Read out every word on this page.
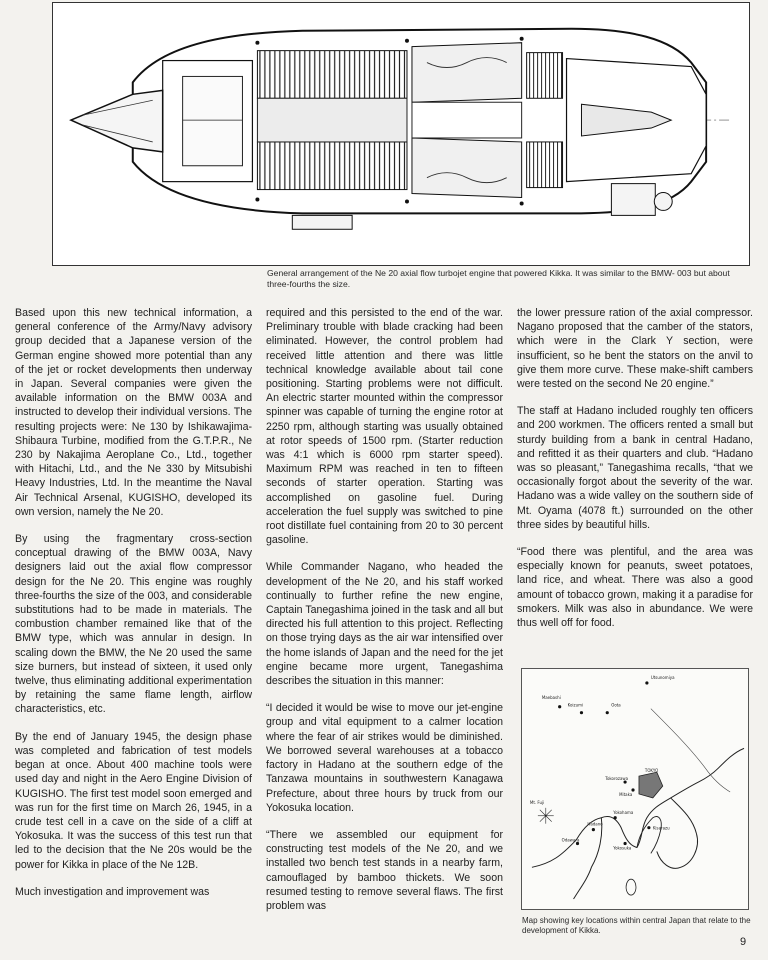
General arrangement of the Ne 20 axial flow turbojet engine that powered Kikka. It was similar to the BMW- 003 but about three-fourths the size.

Based upon this new technical information, a general conference of the Army/Navy advisory group decided that a Japanese version of the German engine showed more potential than any of the jet or rocket developments then underway in Japan. Several companies were given the available information on the BMW 003A and instructed to develop their individual versions. The resulting projects were: Ne 130 by Ishikawajima-Shibaura Turbine, modified from the G.T.P.R., Ne 230 by Nakajima Aeroplane Co., Ltd., together with Hitachi, Ltd., and the Ne 330 by Mitsubishi Heavy Industries, Ltd. In the meantime the Naval Air Technical Arsenal, KUGISHO, developed its own version, namely the Ne 20.

By using the fragmentary cross-section conceptual drawing of the BMW 003A, Navy designers laid out the axial flow compressor design for the Ne 20. This engine was roughly three-fourths the size of the 003, and considerable substitutions had to be made in materials. The combustion chamber remained like that of the BMW type, which was annular in design. In scaling down the BMW, the Ne 20 used the same size burners, but instead of sixteen, it used only twelve, thus eliminating additional experimentation by retaining the same flame length, airflow characteristics, etc.

By the end of January 1945, the design phase was completed and fabrication of test models began at once. About 400 machine tools were used day and night in the Aero Engine Division of KUGISHO. The first test model soon emerged and was run for the first time on March 26, 1945, in a crude test cell in a cave on the side of a cliff at Yokosuka. It was the success of this test run that led to the decision that the Ne 20s would be the power for Kikka in place of the Ne 12B.

Much investigation and improvement was

required and this persisted to the end of the war. Preliminary trouble with blade cracking had been eliminated. However, the control problem had received little attention and there was little technical knowledge available about tail cone positioning. Starting problems were not difficult. An electric starter mounted within the compressor spinner was capable of turning the engine rotor at 2250 rpm, although starting was usually obtained at rotor speeds of 1500 rpm. (Starter reduction was 4:1 which is 6000 rpm starter speed). Maximum RPM was reached in ten to fifteen seconds of starter operation. Starting was accomplished on gasoline fuel. During acceleration the fuel supply was switched to pine root distillate fuel containing from 20 to 30 percent gasoline.

While Commander Nagano, who headed the development of the Ne 20, and his staff worked continually to further refine the new engine, Captain Tanegashima joined in the task and all but directed his full attention to this project. Reflecting on those trying days as the air war intensified over the home islands of Japan and the need for the jet engine became more urgent, Tanegashima describes the situation in this manner:

“I decided it would be wise to move our jet-engine group and vital equipment to a calmer location where the fear of air strikes would be diminished. We borrowed several warehouses at a tobacco factory in Hadano at the southern edge of the Tanzawa mountains in southwestern Kanagawa Prefecture, about three hours by truck from our Yokosuka location.

“There we assembled our equipment for constructing test models of the Ne 20, and we installed two bench test stands in a nearby farm, camouflaged by bamboo thickets. We soon resumed testing to remove several flaws. The first problem was

the lower pressure ration of the axial compressor. Nagano proposed that the camber of the stators, which were in the Clark Y section, were insufficient, so he bent the stators on the anvil to give them more curve. These make-shift cambers were tested on the second Ne 20 engine.”

The staff at Hadano included roughly ten officers and 200 workmen. The officers rented a small but sturdy building from a bank in central Hadano, and refitted it as their quarters and club. “Hadano was so pleasant,” Tanegashima recalls, “that we occasionally forgot about the severity of the war. Hadano was a wide valley on the southern side of Mt. Oyama (4078 ft.) surrounded on the other three sides by beautiful hills.

“Food there was plentiful, and the area was especially known for peanuts, sweet potatoes, land rice, and wheat. There was also a good amount of tobacco grown, making it a paradise for smokers. Milk was also in abundance. We were thus well off for food.

Utsunomiya
Maebashi
Koizumi	Oota
TOKYO
Tokorozawa
Mitaka
Mt. Fuji
Yokohama
Hadano
Kisarazu
Odawara
Yokosuka
Map showing key locations within central Japan that relate to the development of Kikka.
9
